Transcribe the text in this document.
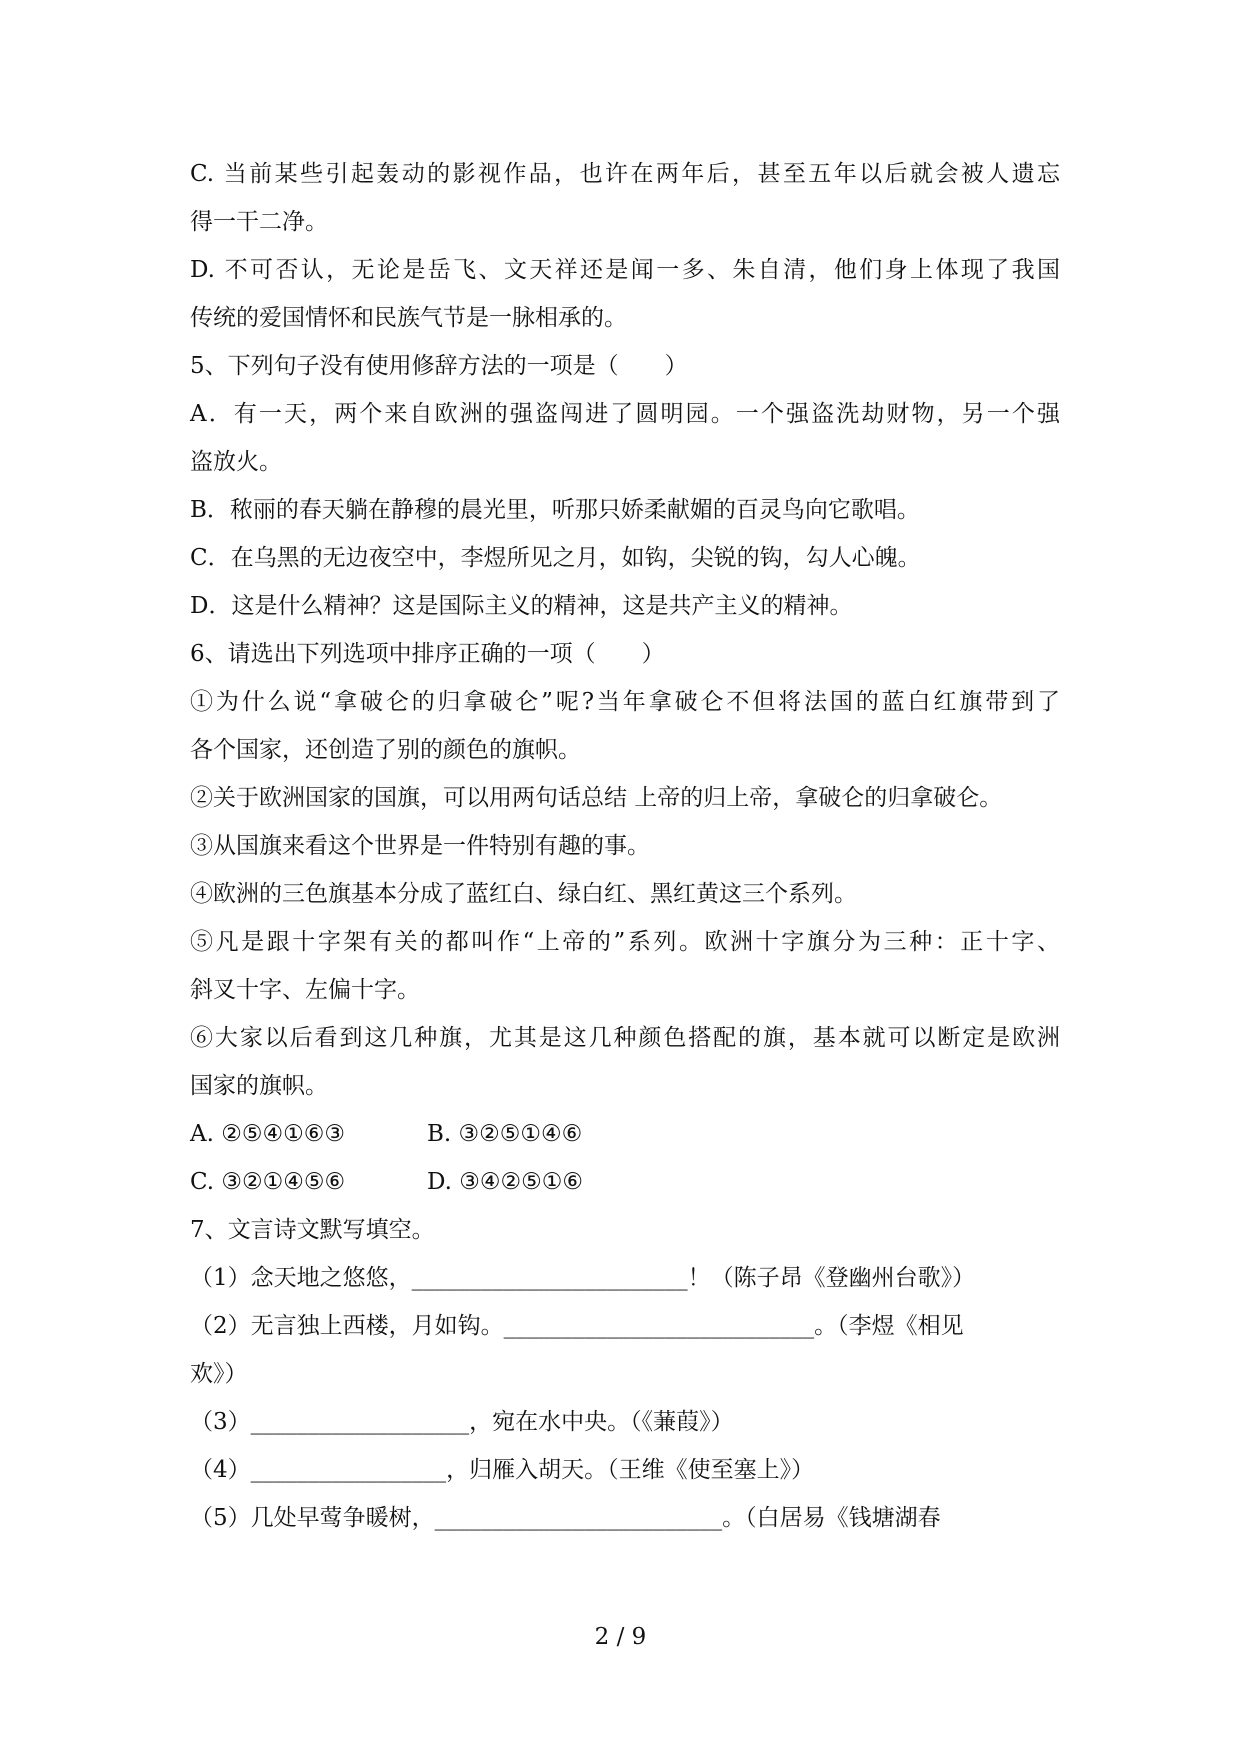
C. 当前某些引起轰动的影视作品，也许在两年后，甚至五年以后就会被人遗忘
得一干二净。
D. 不可否认，无论是岳飞、文天祥还是闻一多、朱自清，他们身上体现了我国
传统的爱国情怀和民族气节是一脉相承的。
5、下列句子没有使用修辞方法的一项是（　　）
A．有一天，两个来自欧洲的强盗闯进了圆明园。一个强盗洗劫财物，另一个强
盗放火。
B．秾丽的春天躺在静穆的晨光里，听那只娇柔献媚的百灵鸟向它歌唱。
C．在乌黑的无边夜空中，李煜所见之月，如钩，尖锐的钩，勾人心魄。
D．这是什么精神？这是国际主义的精神，这是共产主义的精神。
6、请选出下列选项中排序正确的一项（　　）
①为什么说“拿破仑的归拿破仑”呢?当年拿破仑不但将法国的蓝白红旗带到了
各个国家，还创造了别的颜色的旗帜。
②关于欧洲国家的国旗，可以用两句话总结 上帝的归上帝，拿破仑的归拿破仑。
③从国旗来看这个世界是一件特别有趣的事。
④欧洲的三色旗基本分成了蓝红白、绿白红、黑红黄这三个系列。
⑤凡是跟十字架有关的都叫作“上帝的”系列。欧洲十字旗分为三种：正十字、
斜叉十字、左偏十字。
⑥大家以后看到这几种旗，尤其是这几种颜色搭配的旗，基本就可以断定是欧洲
国家的旗帜。
A. ②⑤④①⑥③	B. ③②⑤①④⑥
C. ③②①④⑤⑥	D. ③④②⑤①⑥
7、文言诗文默写填空。
（1）念天地之悠悠，________________________！（陈子昂《登幽州台歌》）
（2）无言独上西楼，月如钩。___________________________。（李煜《相见
欢》）
（3）___________________，宛在水中央。（《蒹葭》）
（4）_________________，归雁入胡天。（王维《使至塞上》）
（5）几处早莺争暖树，_________________________。（白居易《钱塘湖春
2 / 9
